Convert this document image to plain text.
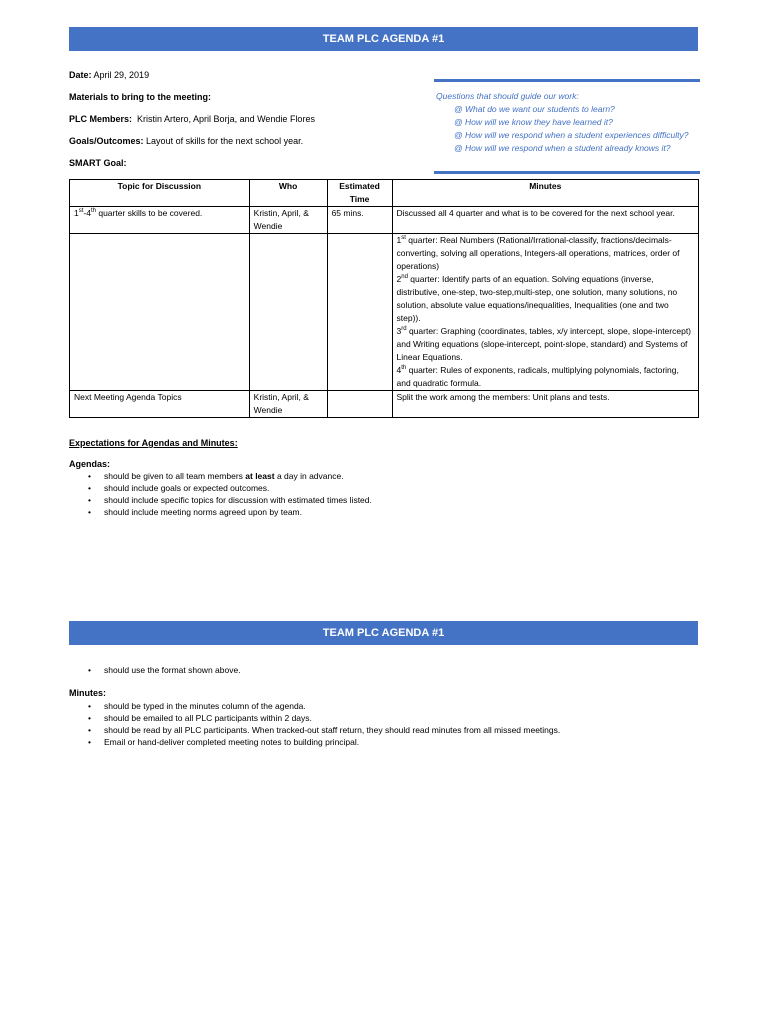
TEAM PLC AGENDA #1
Date: April 29, 2019
Materials to bring to the meeting:
PLC Members: Kristin Artero, April Borja, and Wendie Flores
Goals/Outcomes: Layout of skills for the next school year.
SMART Goal:
Questions that should guide our work:
@ What do we want our students to learn?
@ How will we know they have learned it?
@ How will we respond when a student experiences difficulty?
@ How will we respond when a student already knows it?
Topic for Discussion	Who	Estimated Time	Minutes
1st-4th quarter skills to be covered.	Kristin, April, & Wendie	65 mins.	Discussed all 4 quarter and what is to be covered for the next school year.

			1st quarter: Real Numbers (Rational/Irrational-classify, fractions/decimals-converting, solving all operations, Integers-all operations, matrices, order of operations)
2nd quarter: Identify parts of an equation. Solving equations (inverse, distributive, one-step, two-step,multi-step, one solution, many solutions, no solution, absolute value equations/inequalities, Inequalities (one and two step)).
3rd quarter: Graphing (coordinates, tables, x/y intercept, slope, slope-intercept) and Writing equations (slope-intercept, point-slope, standard) and Systems of Linear Equations.
4th quarter: Rules of exponents, radicals, multiplying polynomials, factoring, and quadratic formula.

Next Meeting Agenda Topics	Kristin, April, & Wendie		Split the work among the members: Unit plans and tests.
Expectations for Agendas and Minutes:
Agendas:
• should be given to all team members at least a day in advance.
• should include goals or expected outcomes.
• should include specific topics for discussion with estimated times listed.
• should include meeting norms agreed upon by team.
TEAM PLC AGENDA #1
• should use the format shown above.
Minutes:
• should be typed in the minutes column of the agenda.
• should be emailed to all PLC participants within 2 days.
• should be read by all PLC participants. When tracked-out staff return, they should read minutes from all missed meetings.
• Email or hand-deliver completed meeting notes to building principal.
